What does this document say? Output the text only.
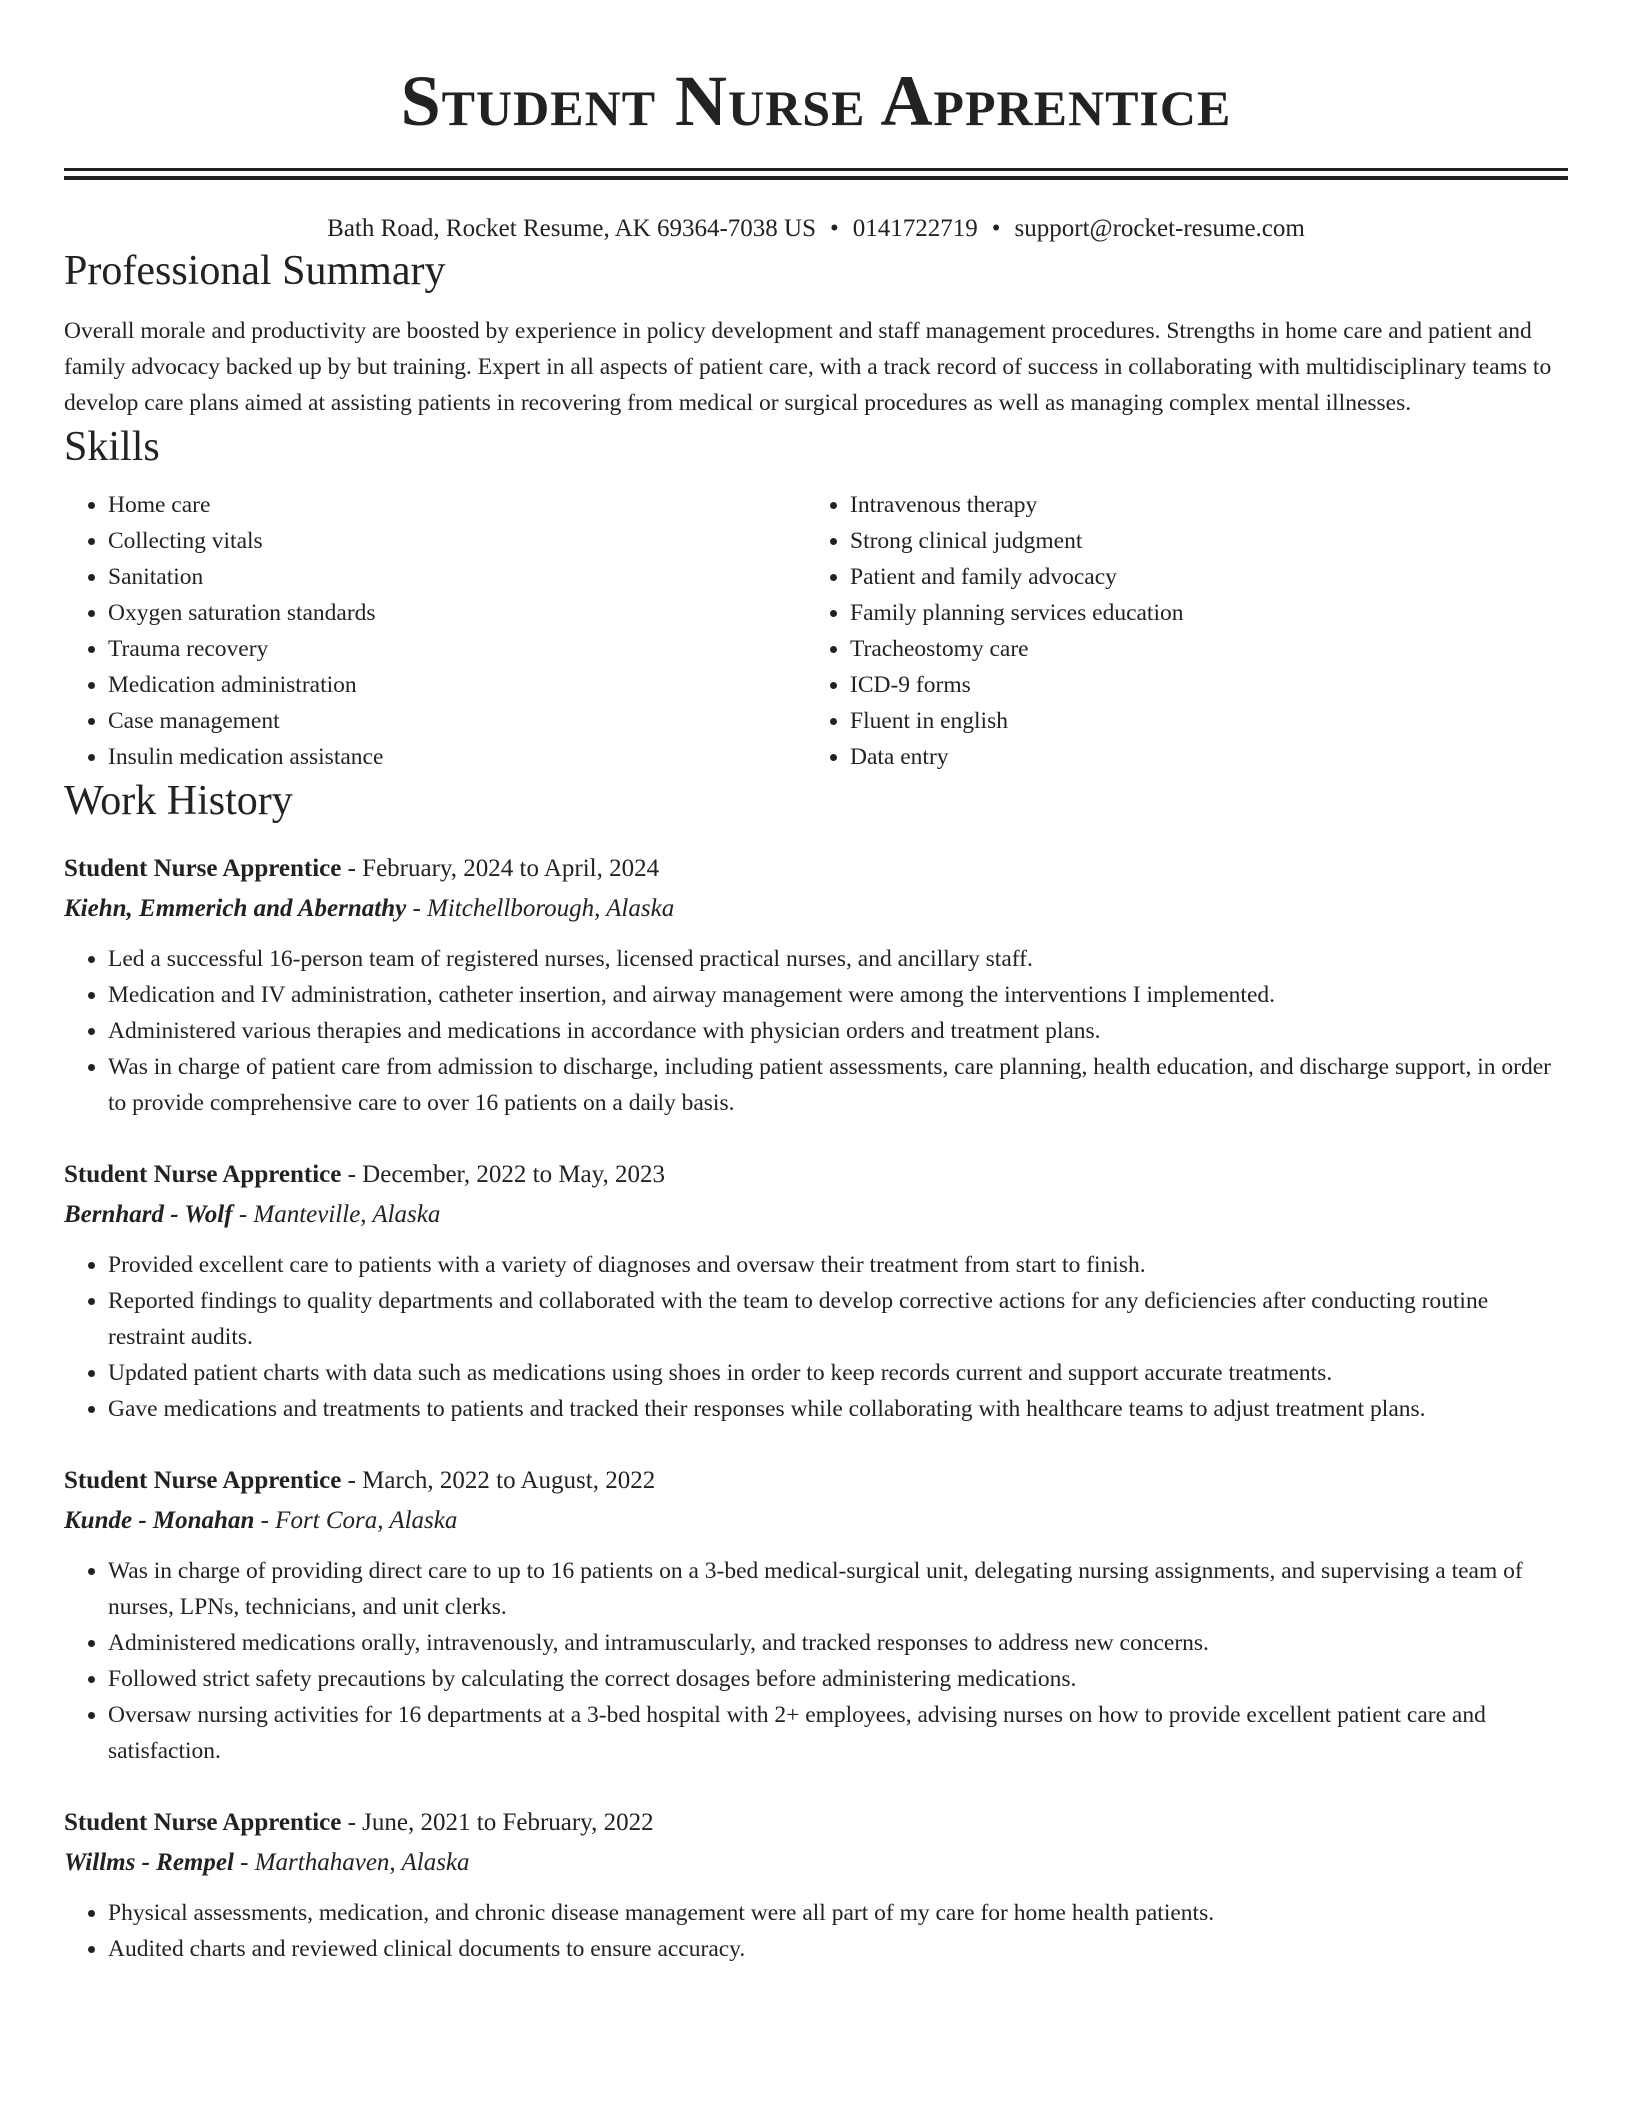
Student Nurse Apprentice
Bath Road, Rocket Resume, AK 69364-7038 US • 0141722719 • support@rocket-resume.com
Professional Summary
Overall morale and productivity are boosted by experience in policy development and staff management procedures. Strengths in home care and patient and family advocacy backed up by but training. Expert in all aspects of patient care, with a track record of success in collaborating with multidisciplinary teams to develop care plans aimed at assisting patients in recovering from medical or surgical procedures as well as managing complex mental illnesses.
Skills
• Home care
• Collecting vitals
• Sanitation
• Oxygen saturation standards
• Trauma recovery
• Medication administration
• Case management
• Insulin medication assistance
• Intravenous therapy
• Strong clinical judgment
• Patient and family advocacy
• Family planning services education
• Tracheostomy care
• ICD-9 forms
• Fluent in english
• Data entry
Work History
Student Nurse Apprentice - February, 2024 to April, 2024
Kiehn, Emmerich and Abernathy - Mitchellborough, Alaska
• Led a successful 16-person team of registered nurses, licensed practical nurses, and ancillary staff.
• Medication and IV administration, catheter insertion, and airway management were among the interventions I implemented.
• Administered various therapies and medications in accordance with physician orders and treatment plans.
• Was in charge of patient care from admission to discharge, including patient assessments, care planning, health education, and discharge support, in order to provide comprehensive care to over 16 patients on a daily basis.
Student Nurse Apprentice - December, 2022 to May, 2023
Bernhard - Wolf - Manteville, Alaska
• Provided excellent care to patients with a variety of diagnoses and oversaw their treatment from start to finish.
• Reported findings to quality departments and collaborated with the team to develop corrective actions for any deficiencies after conducting routine restraint audits.
• Updated patient charts with data such as medications using shoes in order to keep records current and support accurate treatments.
• Gave medications and treatments to patients and tracked their responses while collaborating with healthcare teams to adjust treatment plans.
Student Nurse Apprentice - March, 2022 to August, 2022
Kunde - Monahan - Fort Cora, Alaska
• Was in charge of providing direct care to up to 16 patients on a 3-bed medical-surgical unit, delegating nursing assignments, and supervising a team of nurses, LPNs, technicians, and unit clerks.
• Administered medications orally, intravenously, and intramuscularly, and tracked responses to address new concerns.
• Followed strict safety precautions by calculating the correct dosages before administering medications.
• Oversaw nursing activities for 16 departments at a 3-bed hospital with 2+ employees, advising nurses on how to provide excellent patient care and satisfaction.
Student Nurse Apprentice - June, 2021 to February, 2022
Willms - Rempel - Marthahaven, Alaska
• Physical assessments, medication, and chronic disease management were all part of my care for home health patients.
• Audited charts and reviewed clinical documents to ensure accuracy.
